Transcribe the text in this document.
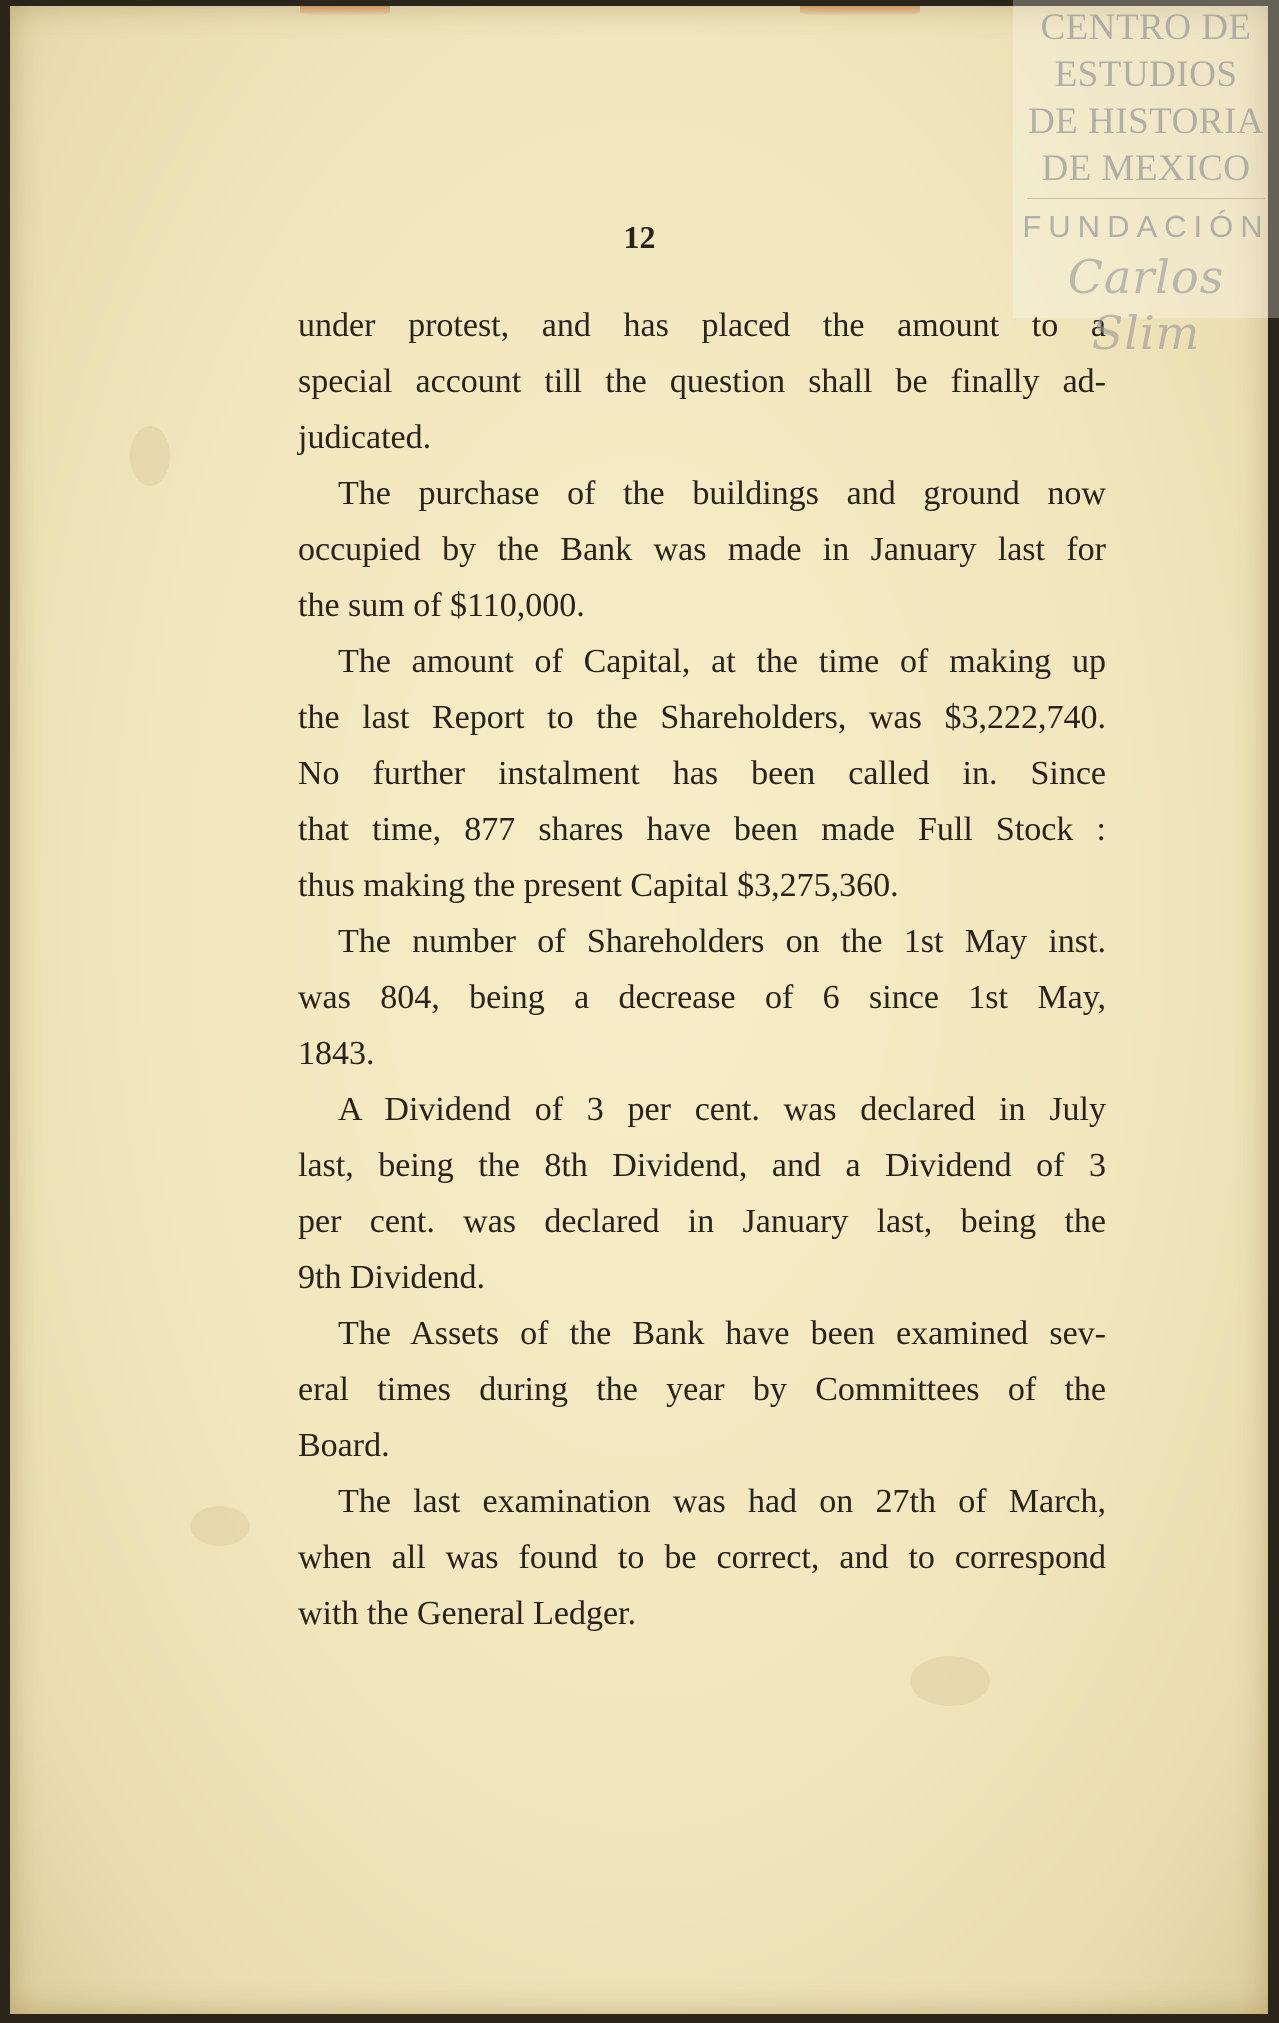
CENTRO DE
ESTUDIOS
DE HISTORIA
DE MEXICO
FUNDACIÓN
Carlos Slim
12
under protest, and has placed the amount to a
special account till the question shall be finally ad-
judicated.
The purchase of the buildings and ground now
occupied by the Bank was made in January last for
the sum of $110,000.
The amount of Capital, at the time of making up
the last Report to the Shareholders, was $3,222,740.
No further instalment has been called in. Since
that time, 877 shares have been made Full Stock :
thus making the present Capital $3,275,360.
The number of Shareholders on the 1st May inst.
was 804, being a decrease of 6 since 1st May,
1843.
A Dividend of 3 per cent. was declared in July
last, being the 8th Dividend, and a Dividend of 3
per cent. was declared in January last, being the
9th Dividend.
The Assets of the Bank have been examined sev-
eral times during the year by Committees of the
Board.
The last examination was had on 27th of March,
when all was found to be correct, and to correspond
with the General Ledger.
